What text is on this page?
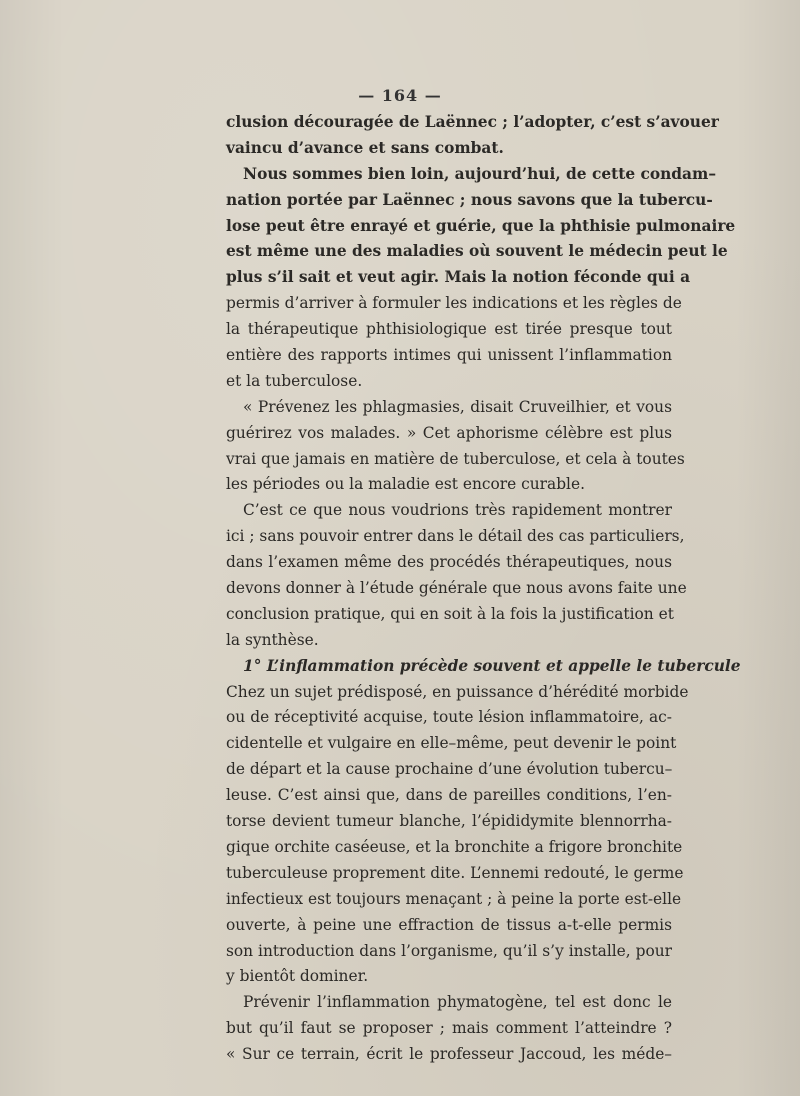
— 164 —
clusion découragée de Laënnec ; l’adopter, c’est s’avouer
vaincu d’avance et sans combat.
Nous sommes bien loin, aujourd’hui, de cette condam–
nation portée par Laënnec ; nous savons que la tubercu-
lose peut être enrayé et guérie, que la phthisie pulmonaire
est même une des maladies où souvent le médecin peut le
plus s’il sait et veut agir. Mais la notion féconde qui a
permis d’arriver à formuler les indications et les règles de
la thérapeutique phthisiologique est tirée presque tout
entière des rapports intimes qui unissent l’inflammation
et la tuberculose.
« Prévenez les phlagmasies, disait Cruveilhier, et vous
guérirez vos malades. » Cet aphorisme célèbre est plus
vrai que jamais en matière de tuberculose, et cela à toutes
les périodes ou la maladie est encore curable.
C’est ce que nous voudrions très rapidement montrer
ici ; sans pouvoir entrer dans le détail des cas particuliers,
dans l’examen même des procédés thérapeutiques, nous
devons donner à l’étude générale que nous avons faite une
conclusion pratique, qui en soit à la fois la justification et
la synthèse.
1° L’inflammation précède souvent et appelle le tubercule
Chez un sujet prédisposé, en puissance d’hérédité morbide
ou de réceptivité acquise, toute lésion inflammatoire, ac-
cidentelle et vulgaire en elle–même, peut devenir le point
de départ et la cause prochaine d’une évolution tubercu–
leuse. C’est ainsi que, dans de pareilles conditions, l’en-
torse devient tumeur blanche, l’épididymite blennorrha-
gique orchite caséeuse, et la bronchite a frigore bronchite
tuberculeuse proprement dite. L’ennemi redouté, le germe
infectieux est toujours menaçant ; à peine la porte est-elle
ouverte, à peine une effraction de tissus a-t-elle permis
son introduction dans l’organisme, qu’il s’y installe, pour
y bientôt dominer.
Prévenir l’inflammation phymatogène, tel est donc le
but qu’il faut se proposer ; mais comment l’atteindre ?
« Sur ce terrain, écrit le professeur Jaccoud, les méde–
